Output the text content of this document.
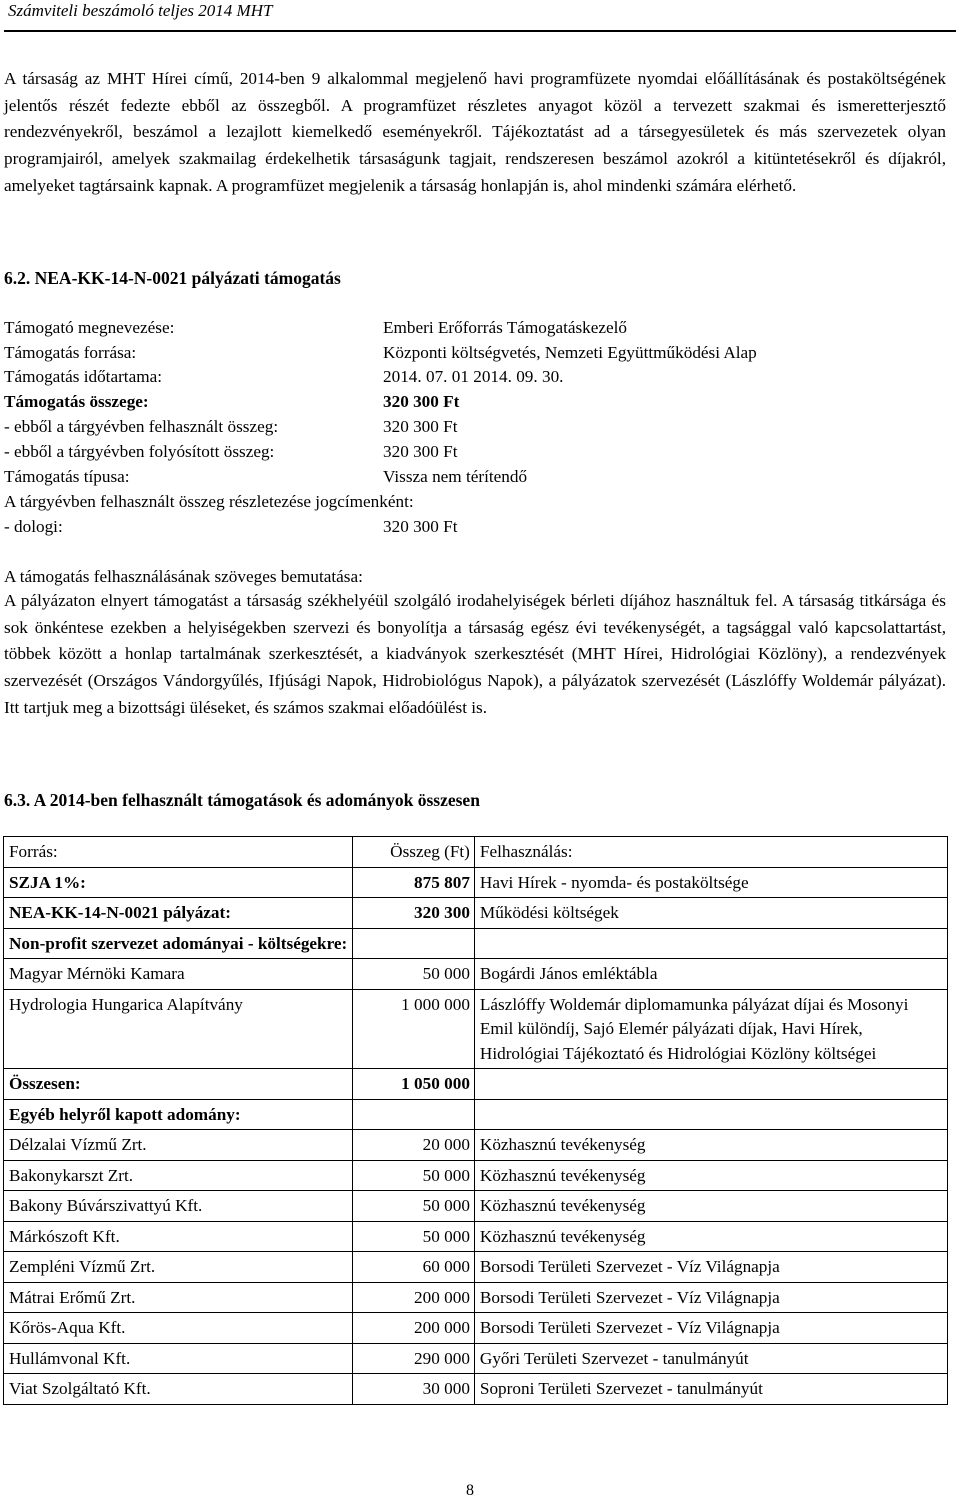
Számviteli beszámoló teljes 2014 MHT
A társaság az MHT Hírei című, 2014-ben 9 alkalommal megjelenő havi programfüzete nyomdai előállításának és postaköltségének jelentős részét fedezte ebből az összegből. A programfüzet részletes anyagot közöl a tervezett szakmai és ismeretterjesztő rendezvényekről, beszámol a lezajlott kiemelkedő eseményekről. Tájékoztatást ad a társegyesületek és más szervezetek olyan programjairól, amelyek szakmailag érdekelhetik társaságunk tagjait, rendszeresen beszámol azokról a kitüntetésekről és díjakról, amelyeket tagtársaink kapnak. A programfüzet megjelenik a társaság honlapján is, ahol mindenki számára elérhető.
6.2. NEA-KK-14-N-0021 pályázati támogatás
Támogató megnevezése:	Emberi Erőforrás Támogatáskezelő
Támogatás forrása:	Központi költségvetés, Nemzeti Együttműködési Alap
Támogatás időtartama:	2014. 07. 01 2014. 09. 30.
Támogatás összege:	320 300 Ft
- ebből a tárgyévben felhasznált összeg:	320 300 Ft
- ebből a tárgyévben folyósított összeg:	320 300 Ft
Támogatás típusa:	Vissza nem térítendő
A tárgyévben felhasznált összeg részletezése jogcímenként:
- dologi:	320 300 Ft
A támogatás felhasználásának szöveges bemutatása:
A pályázaton elnyert támogatást a társaság székhelyéül szolgáló irodahelyiségek bérleti díjához használtuk fel. A társaság titkársága és sok önkéntese ezekben a helyiségekben szervezi és bonyolítja a társaság egész évi tevékenységét, a tagsággal való kapcsolattartást, többek között a honlap tartalmának szerkesztését, a kiadványok szerkesztését (MHT Hírei, Hidrológiai Közlöny), a rendezvények szervezését (Országos Vándorgyűlés, Ifjúsági Napok, Hidrobiológus Napok), a pályázatok szervezését (Lászlóffy Woldemár pályázat). Itt tartjuk meg a bizottsági üléseket, és számos szakmai előadóülést is.
6.3. A 2014-ben felhasznált támogatások és adományok összesen
Forrás:	Összeg (Ft)	Felhasználás:
SZJA 1%:	875 807	Havi Hírek - nyomda- és postaköltsége
NEA-KK-14-N-0021 pályázat:	320 300	Működési költségek
Non-profit szervezet adományai - költségekre:		
Magyar Mérnöki Kamara	50 000	Bogárdi János emléktábla
Hydrologia Hungarica Alapítvány	1 000 000	Lászlóffy Woldemár diplomamunka pályázat díjai és Mosonyi Emil különdíj, Sajó Elemér pályázati díjak, Havi Hírek, Hidrológiai Tájékoztató és Hidrológiai Közlöny költségei
Összesen:	1 050 000	
Egyéb helyről kapott adomány:		
Délzalai Vízmű Zrt.	20 000	Közhasznú tevékenység
Bakonykarszt Zrt.	50 000	Közhasznú tevékenység
Bakony Búvárszivattyú Kft.	50 000	Közhasznú tevékenység
Márkószoft Kft.	50 000	Közhasznú tevékenység
Zempléni Vízmű Zrt.	60 000	Borsodi Területi Szervezet - Víz Világnapja
Mátrai Erőmű Zrt.	200 000	Borsodi Területi Szervezet - Víz Világnapja
Kőrös-Aqua Kft.	200 000	Borsodi Területi Szervezet - Víz Világnapja
Hullámvonal Kft.	290 000	Győri Területi Szervezet - tanulmányút
Viat Szolgáltató Kft.	30 000	Soproni Területi Szervezet - tanulmányút
8
